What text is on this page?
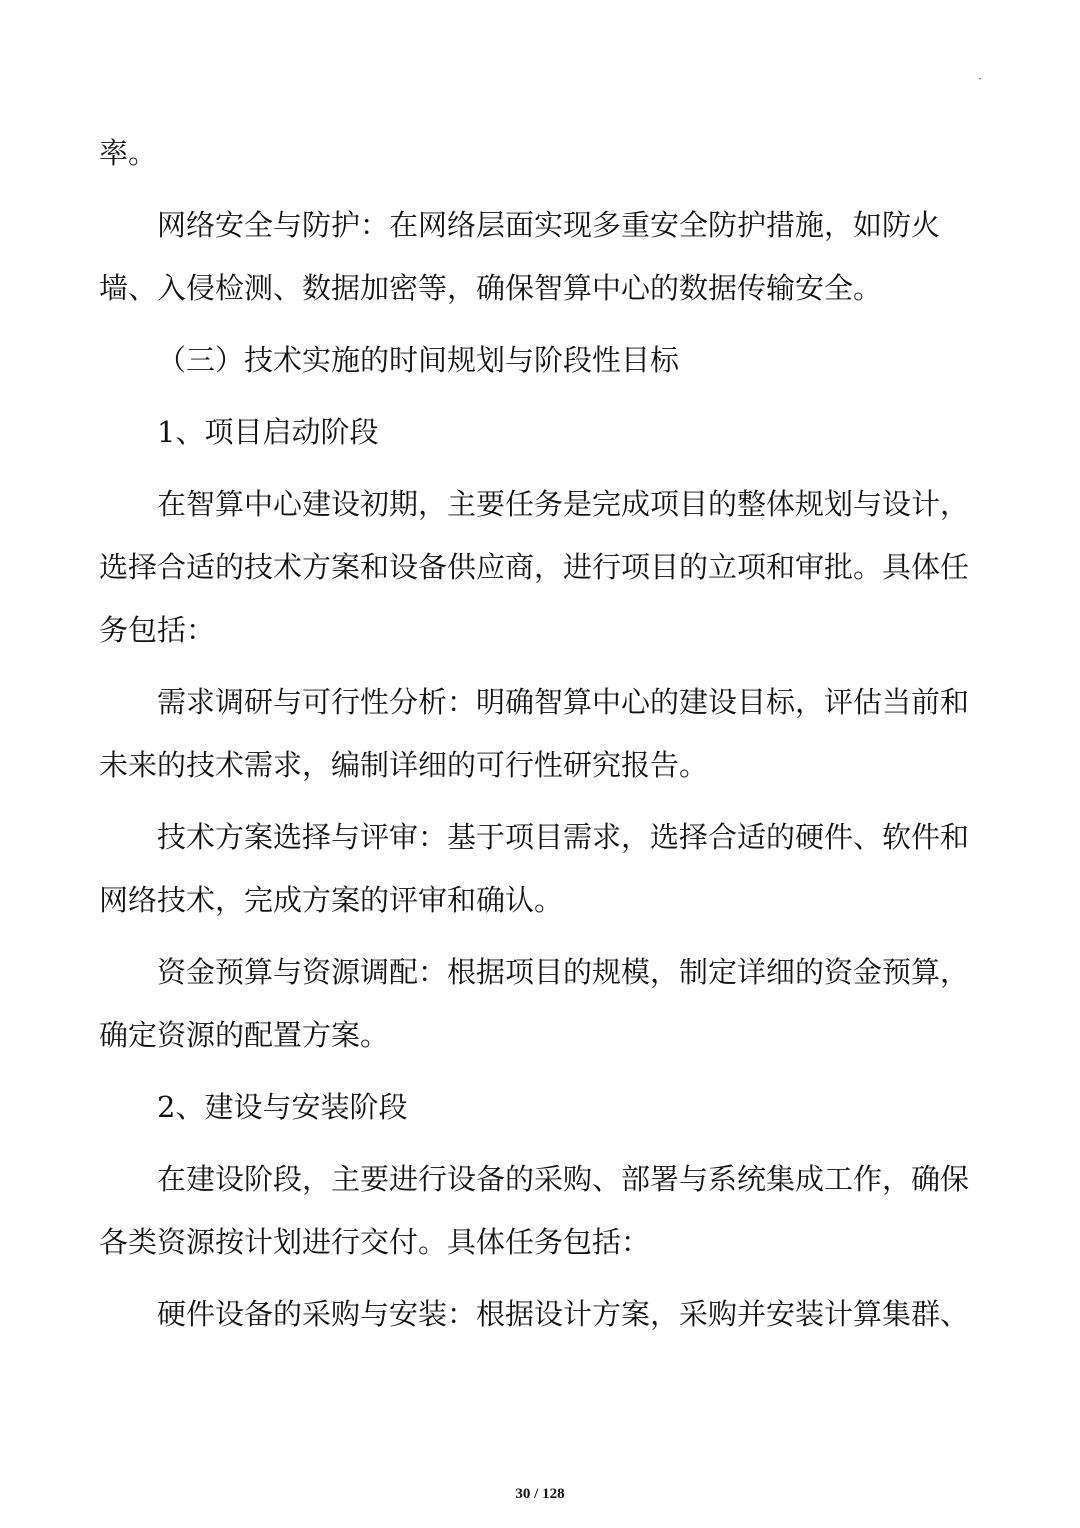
·

率。

网络安全与防护：在网络层面实现多重安全防护措施，如防火墙、入侵检测、数据加密等，确保智算中心的数据传输安全。

（三）技术实施的时间规划与阶段性目标

1、项目启动阶段

在智算中心建设初期，主要任务是完成项目的整体规划与设计，选择合适的技术方案和设备供应商，进行项目的立项和审批。具体任务包括：

需求调研与可行性分析：明确智算中心的建设目标，评估当前和未来的技术需求，编制详细的可行性研究报告。

技术方案选择与评审：基于项目需求，选择合适的硬件、软件和网络技术，完成方案的评审和确认。

资金预算与资源调配：根据项目的规模，制定详细的资金预算，确定资源的配置方案。

2、建设与安装阶段

在建设阶段，主要进行设备的采购、部署与系统集成工作，确保各类资源按计划进行交付。具体任务包括：

硬件设备的采购与安装：根据设计方案，采购并安装计算集群、

30 / 128
